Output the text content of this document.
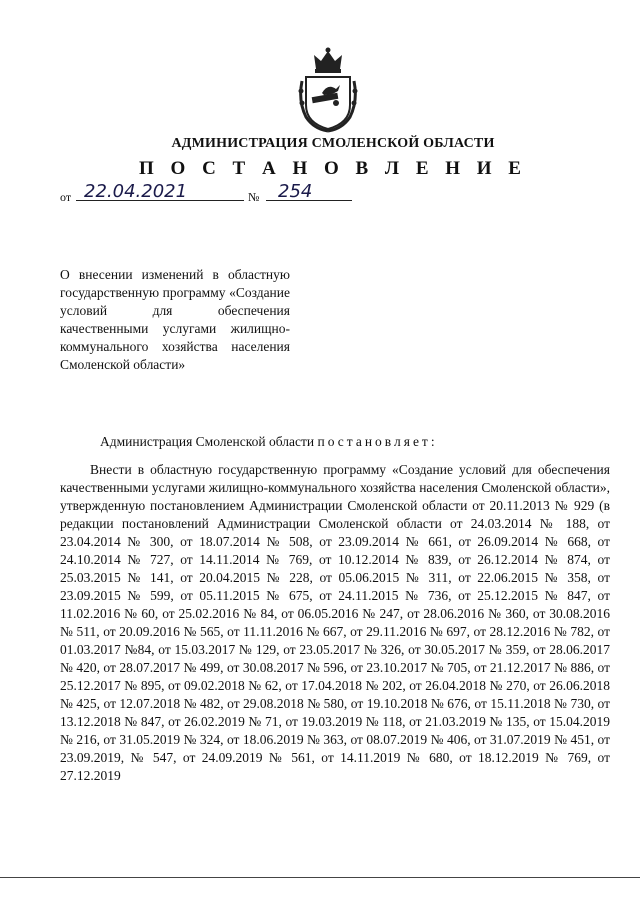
АДМИНИСТРАЦИЯ СМОЛЕНСКОЙ ОБЛАСТИ
П О С Т А Н О В Л Е Н И Е
от 22.04.2021	№	254
О внесении изменений в областную государственную программу «Создание условий для обеспечения качественными услугами жилищно-коммунального хозяйства населения Смоленской области»
Администрация Смоленской области постановляет:
Внести в областную государственную программу «Создание условий для обеспечения качественными услугами жилищно-коммунального хозяйства населения Смоленской области», утвержденную постановлением Администрации Смоленской области от 20.11.2013 № 929 (в редакции постановлений Администрации Смоленской области от 24.03.2014 № 188, от 23.04.2014 № 300, от 18.07.2014 № 508, от 23.09.2014 № 661, от 26.09.2014 № 668, от 24.10.2014 № 727, от 14.11.2014 № 769, от 10.12.2014 № 839, от 26.12.2014 № 874, от 25.03.2015 № 141, от 20.04.2015 № 228, от 05.06.2015 № 311, от 22.06.2015 № 358, от 23.09.2015 № 599, от 05.11.2015 № 675, от 24.11.2015 № 736, от 25.12.2015 № 847, от 11.02.2016 № 60, от 25.02.2016 № 84, от 06.05.2016 № 247, от 28.06.2016 № 360, от 30.08.2016 № 511, от 20.09.2016 № 565, от 11.11.2016 № 667, от 29.11.2016 № 697, от 28.12.2016 № 782, от 01.03.2017 №84, от 15.03.2017 № 129, от 23.05.2017 № 326, от 30.05.2017 № 359, от 28.06.2017 № 420, от 28.07.2017 № 499, от 30.08.2017 № 596, от 23.10.2017 № 705, от 21.12.2017 № 886, от 25.12.2017 № 895, от 09.02.2018 № 62, от 17.04.2018 № 202, от 26.04.2018 № 270, от 26.06.2018 № 425, от 12.07.2018 № 482, от 29.08.2018 № 580, от 19.10.2018 № 676, от 15.11.2018 № 730, от 13.12.2018 № 847, от 26.02.2019 № 71, от 19.03.2019 № 118, от 21.03.2019 № 135, от 15.04.2019 № 216, от 31.05.2019 № 324, от 18.06.2019 № 363, от 08.07.2019 № 406, от 31.07.2019 № 451, от 23.09.2019, № 547, от 24.09.2019 № 561, от 14.11.2019 № 680, от 18.12.2019 № 769, от 27.12.2019
